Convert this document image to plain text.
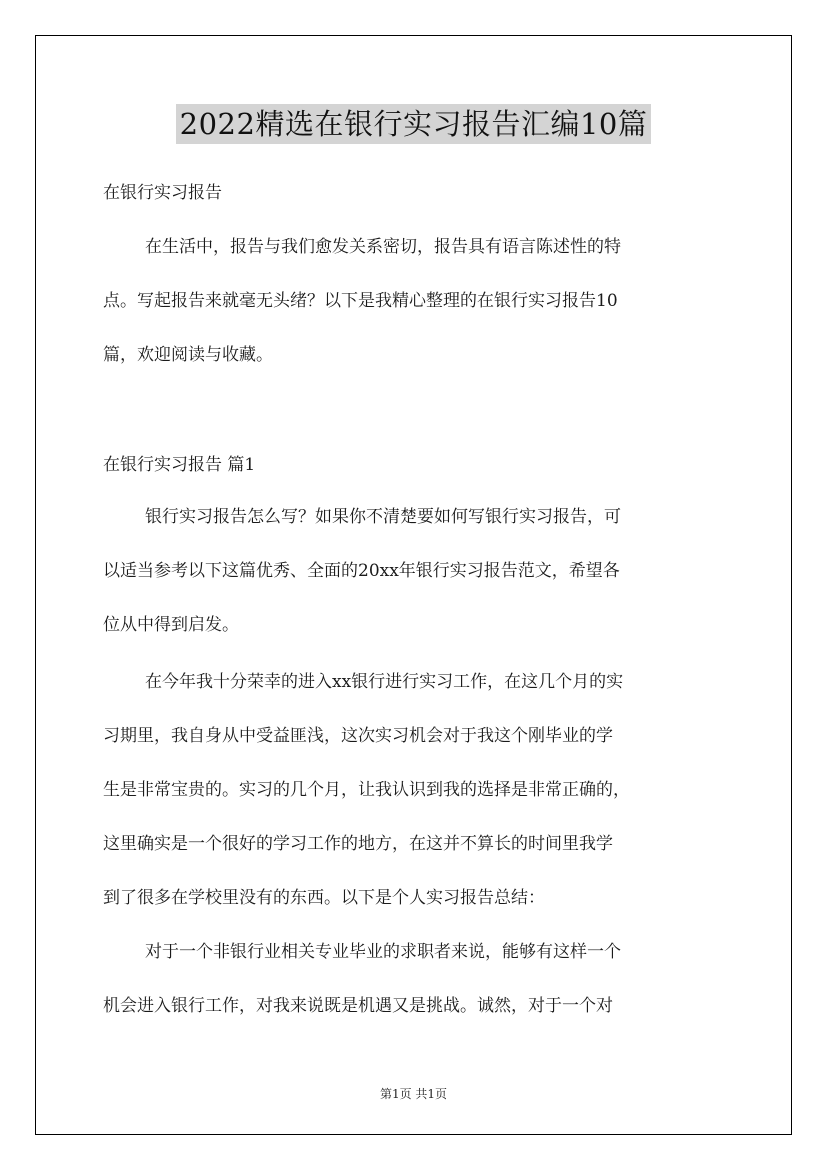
2022精选在银行实习报告汇编10篇
在银行实习报告
在生活中，报告与我们愈发关系密切，报告具有语言陈述性的特
点。写起报告来就毫无头绪？以下是我精心整理的在银行实习报告10
篇，欢迎阅读与收藏。
在银行实习报告 篇1
银行实习报告怎么写？如果你不清楚要如何写银行实习报告，可
以适当参考以下这篇优秀、全面的20xx年银行实习报告范文，希望各
位从中得到启发。
在今年我十分荣幸的进入xx银行进行实习工作，在这几个月的实
习期里，我自身从中受益匪浅，这次实习机会对于我这个刚毕业的学
生是非常宝贵的。实习的几个月，让我认识到我的选择是非常正确的，
这里确实是一个很好的学习工作的地方，在这并不算长的时间里我学
到了很多在学校里没有的东西。以下是个人实习报告总结：
对于一个非银行业相关专业毕业的求职者来说，能够有这样一个
机会进入银行工作，对我来说既是机遇又是挑战。诚然，对于一个对
第1页 共1页
